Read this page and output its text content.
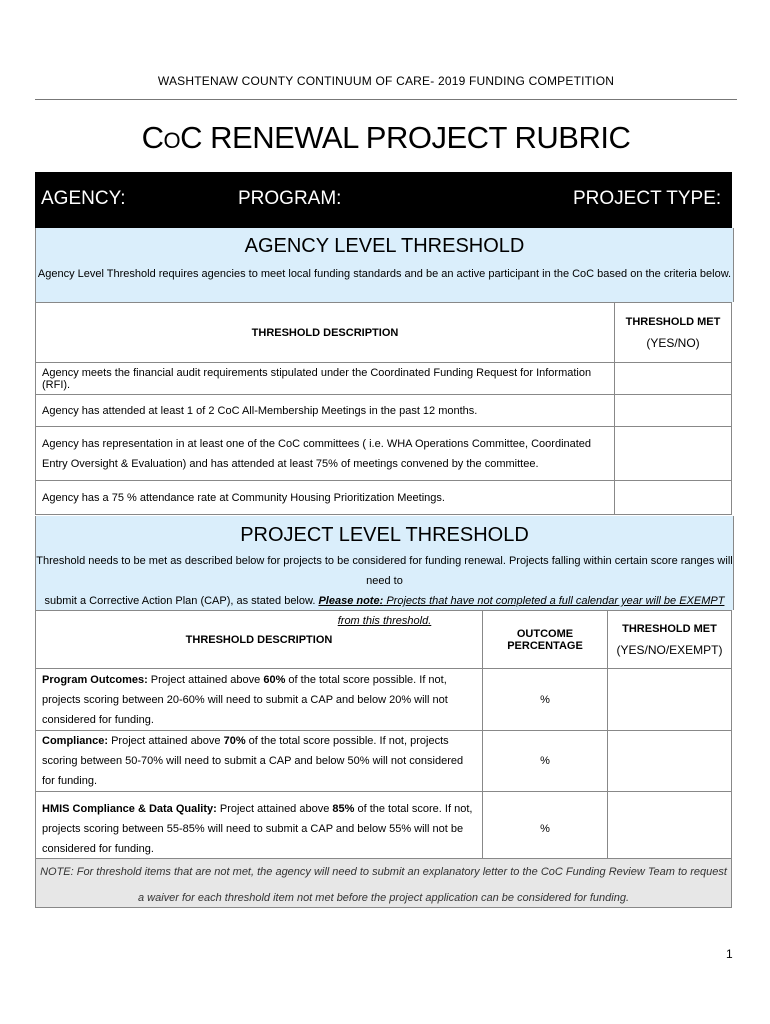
WASHTENAW COUNTY CONTINUUM OF CARE- 2019 FUNDING COMPETITION
COC RENEWAL PROJECT RUBRIC
AGENCY:	PROGRAM:	PROJECT TYPE:
AGENCY LEVEL THRESHOLD
Agency Level Threshold requires agencies to meet local funding standards and be an active participant in the CoC based on the criteria below.
THRESHOLD DESCRIPTION	THRESHOLD MET
(YES/NO)

Agency meets the financial audit requirements stipulated under the Coordinated Funding Request for Information (RFI).	
Agency has attended at least 1 of 2 CoC All-Membership Meetings in the past 12 months.	
Agency has representation in at least one of the CoC committees ( i.e. WHA Operations Committee, Coordinated Entry Oversight & Evaluation) and has attended at least 75% of meetings convened by the committee.	
Agency has a 75 % attendance rate at Community Housing Prioritization Meetings.	
PROJECT LEVEL THRESHOLD
Threshold needs to be met as described below for projects to be considered for funding renewal. Projects falling within certain score ranges will need to
submit a Corrective Action Plan (CAP), as stated below. Please note: Projects that have not completed a full calendar year will be EXEMPT from this threshold.
THRESHOLD DESCRIPTION	OUTCOME PERCENTAGE	THRESHOLD MET
(YES/NO/EXEMPT)

Program Outcomes: Project attained above 60% of the total score possible. If not, projects scoring between 20-60% will need to submit a CAP and below 20% will not considered for funding.	%	
Compliance: Project attained above 70% of the total score possible. If not, projects scoring between 50-70% will need to submit a CAP and below 50% will not considered for funding.	%	
HMIS Compliance & Data Quality: Project attained above 85% of the total score. If not, projects scoring between 55-85% will need to submit a CAP and below 55% will not be considered for funding.	%	
NOTE: For threshold items that are not met, the agency will need to submit an explanatory letter to the CoC Funding Review Team to request a waiver for each threshold item not met before the project application can be considered for funding.
1
